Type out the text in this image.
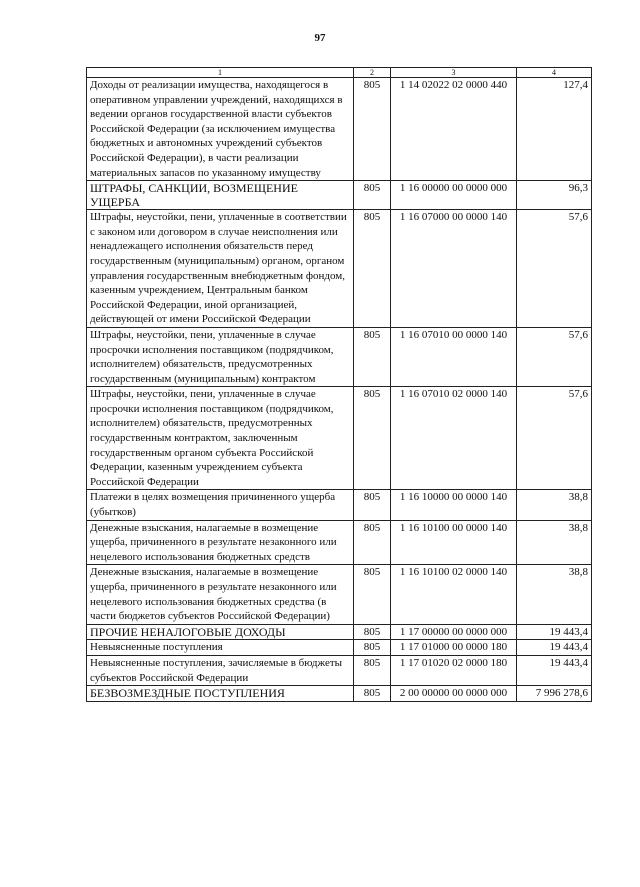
97
1	2	3	4
Доходы от реализации имущества, находящегося в оперативном управлении учреждений, находящихся в ведении органов государственной власти субъектов Российской Федерации (за исключением имущества бюджетных и автономных учреждений субъектов Российской Федерации), в части реализации материальных запасов по указанному имуществу	805	1 14 02022 02 0000 440	127,4
ШТРАФЫ, САНКЦИИ, ВОЗМЕЩЕНИЕ УЩЕРБА	805	1 16 00000 00 0000 000	96,3
Штрафы, неустойки, пени, уплаченные в соответствии с законом или договором в случае неисполнения или ненадлежащего исполнения обязательств перед государственным (муниципальным) органом, органом управления государственным внебюджетным фондом, казенным учреждением, Центральным банком Российской Федерации, иной организацией, действующей от имени Российской Федерации	805	1 16 07000 00 0000 140	57,6
Штрафы, неустойки, пени, уплаченные в случае просрочки исполнения поставщиком (подрядчиком, исполнителем) обязательств, предусмотренных государственным (муниципальным) контрактом	805	1 16 07010 00 0000 140	57,6
Штрафы, неустойки, пени, уплаченные в случае просрочки исполнения поставщиком (подрядчиком, исполнителем) обязательств, предусмотренных государственным контрактом, заключенным государственным органом субъекта Российской Федерации, казенным учреждением субъекта Российской Федерации	805	1 16 07010 02 0000 140	57,6
Платежи в целях возмещения причиненного ущерба (убытков)	805	1 16 10000 00 0000 140	38,8
Денежные взыскания, налагаемые в возмещение ущерба, причиненного в результате незаконного или нецелевого использования бюджетных средств	805	1 16 10100 00 0000 140	38,8
Денежные взыскания, налагаемые в возмещение ущерба, причиненного в результате незаконного или нецелевого использования бюджетных средства (в части бюджетов субъектов Российской Федерации)	805	1 16 10100 02 0000 140	38,8
ПРОЧИЕ НЕНАЛОГОВЫЕ ДОХОДЫ	805	1 17 00000 00 0000 000	19 443,4
Невыясненные поступления	805	1 17 01000 00 0000 180	19 443,4
Невыясненные поступления, зачисляемые в бюджеты субъектов Российской Федерации	805	1 17 01020 02 0000 180	19 443,4
БЕЗВОЗМЕЗДНЫЕ ПОСТУПЛЕНИЯ	805	2 00 00000 00 0000 000	7 996 278,6
